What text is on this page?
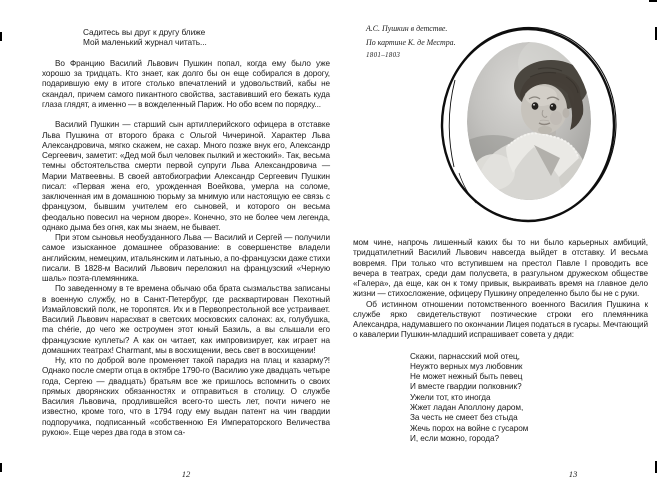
Садитесь вы друг к другу ближе
Мой маленький журнал читать...

Во Францию Василий Львович Пушкин попал, когда ему было уже хорошо за тридцать. Кто знает, как долго бы он еще собирался в дорогу, подарившую ему в итоге столько впечатлений и удовольствий, кабы не скандал, причем самого пикантного свойства, заставивший его бежать куда глаза глядят, а именно — в вожделенный Париж. Но обо всем по порядку...

Василий Пушкин — старший сын артиллерийского офицера в отставке Льва Пушкина от второго брака с Ольгой Чичериной. Характер Льва Александровича, мягко скажем, не сахар. Много позже внук его, Александр Сергеевич, заметит: «Дед мой был человек пылкий и жестокий». Так, весьма темны обстоятельства смерти первой супруги Льва Александровича — Марии Матвеевны. В своей автобиографии Александр Сергеевич Пушкин писал: «Первая жена его, урожденная Воейкова, умерла на соломе, заключенная им в домашнюю тюрьму за мнимую или настоящую ее связь с французом, бывшим учителем его сыновей, и которого он весьма феодально повесил на черном дворе». Конечно, это не более чем легенда, однако дыма без огня, как мы знаем, не бывает.

При этом сыновья необузданного Льва — Василий и Сергей — получили самое изысканное домашнее образование: в совершенстве владели английским, немецким, итальянским и латынью, а по-французски даже стихи писали. В 1828-м Василий Львович переложил на французский «Черную шаль» поэта-племянника.

По заведенному в те времена обычаю оба брата сызмальства записаны в военную службу, но в Санкт-Петербург, где расквартирован Пехотный Измайловский полк, не торопятся. Их и в Первопрестольной все устраивает. Василий Львович нарасхват в светских московских салонах: ах, голубушка, ma chérie, до чего же остроумен этот юный Базиль, а вы слышали его французские куплеты? А как он читает, как импровизирует, как играет на домашних театрах! Charmant, мы в восхищении, весь свет в восхищении!

Ну, кто по доброй воле променяет такой парадиз на плац и казарму?! Однако после смерти отца в октябре 1790-го (Василию уже двадцать четыре года, Сергею — двадцать) братьям все же пришлось вспомнить о своих прямых дворянских обязанностях и отправиться в столицу. О службе Василия Львовича, продлившейся всего-то шесть лет, почти ничего не известно, кроме того, что в 1794 году ему выдан патент на чин гвардии подпоручика, подписанный «собственною Ея Императорского Величества рукою». Еще через два года в этом са-

12
А.С. Пушкин в детстве.
По картине К. де Местра.
1801–1803

мом чине, напрочь лишенный каких бы то ни было карьерных амбиций, тридцатилетний Василий Львович навсегда выйдет в отставку. И весьма вовремя. При только что вступившем на престол Павле I проводить все вечера в театрах, среди дам полусвета, в разгульном дружеском обществе «Галера», да еще, как он к тому привык, выкраивать время на главное дело жизни — стихосложение, офицеру Пушкину определенно было бы не с руки.

Об истинном отношении потомственного военного Василия Пушкина к службе ярко свидетельствуют поэтические строки его племянника Александра, надумавшего по окончании Лицея податься в гусары. Мечтающий о кавалерии Пушкин-младший испрашивает совета у дяди:

Скажи, парнасский мой отец,
Неужто верных муз любовник
Не может нежный быть певец
И вместе гвардии полковник?
Ужели тот, кто иногда
Жжет ладан Аполлону даром,
За честь не смеет без стыда
Жечь порох на войне с гусаром
И, если можно, города?
13
